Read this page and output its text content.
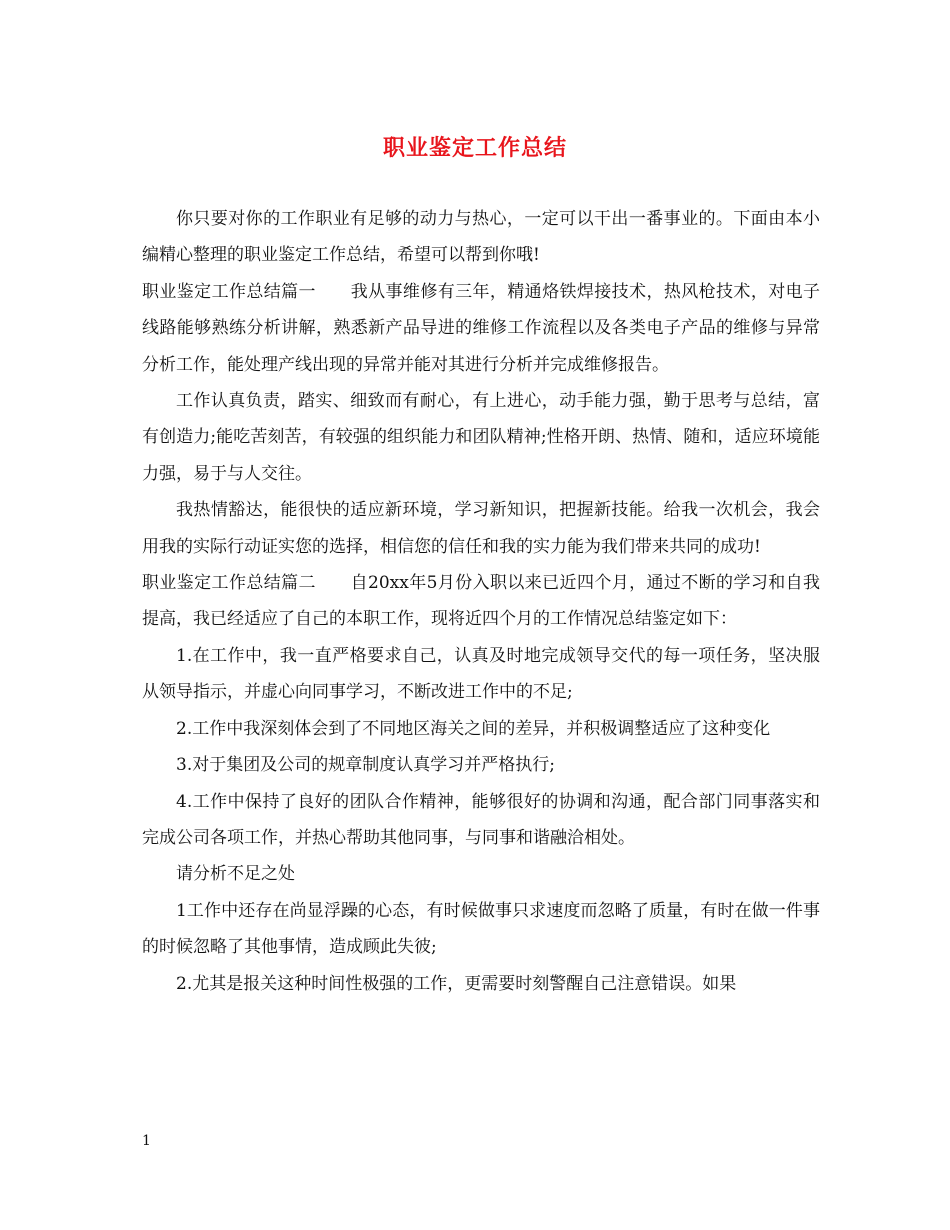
职业鉴定工作总结

你只要对你的工作职业有足够的动力与热心，一定可以干出一番事业的。下面由本小编精心整理的职业鉴定工作总结，希望可以帮到你哦!

职业鉴定工作总结篇一　　我从事维修有三年，精通烙铁焊接技术，热风枪技术，对电子线路能够熟练分析讲解，熟悉新产品导进的维修工作流程以及各类电子产品的维修与异常分析工作，能处理产线出现的异常并能对其进行分析并完成维修报告。

工作认真负责，踏实、细致而有耐心，有上进心，动手能力强，勤于思考与总结，富有创造力;能吃苦刻苦，有较强的组织能力和团队精神;性格开朗、热情、随和，适应环境能力强，易于与人交往。

我热情豁达，能很快的适应新环境，学习新知识，把握新技能。给我一次机会，我会用我的实际行动证实您的选择，相信您的信任和我的实力能为我们带来共同的成功!

职业鉴定工作总结篇二　　自20xx年5月份入职以来已近四个月，通过不断的学习和自我提高，我已经适应了自己的本职工作，现将近四个月的工作情况总结鉴定如下：

1.在工作中，我一直严格要求自己，认真及时地完成领导交代的每一项任务，坚决服从领导指示，并虚心向同事学习，不断改进工作中的不足;

2.工作中我深刻体会到了不同地区海关之间的差异，并积极调整适应了这种变化

3.对于集团及公司的规章制度认真学习并严格执行;

4.工作中保持了良好的团队合作精神，能够很好的协调和沟通，配合部门同事落实和完成公司各项工作，并热心帮助其他同事，与同事和谐融洽相处。

请分析不足之处

1工作中还存在尚显浮躁的心态，有时候做事只求速度而忽略了质量，有时在做一件事的时候忽略了其他事情，造成顾此失彼;

2.尤其是报关这种时间性极强的工作，更需要时刻警醒自己注意错误。如果

1
